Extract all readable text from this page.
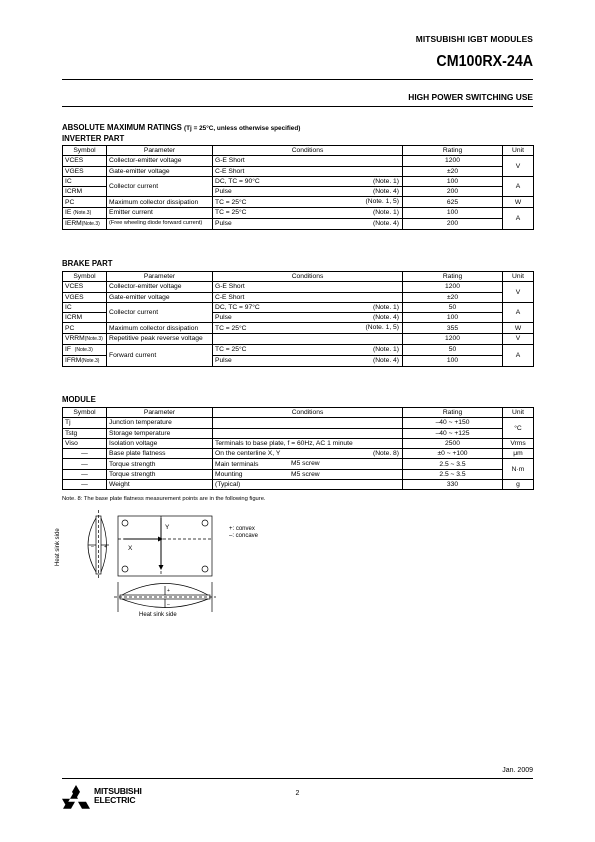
MITSUBISHI IGBT MODULES
CM100RX-24A
HIGH POWER SWITCHING USE
ABSOLUTE MAXIMUM RATINGS (Tj = 25°C, unless otherwise specified)
INVERTER PART
Symbol	Parameter	Conditions	Rating	Unit
VCES	Collector-emitter voltage	G-E Short	1200	V
VGES	Gate-emitter voltage	C-E Short	±20	
IC	Collector current	DC, TC = 90°C (Note. 1)	100	A
ICRM		Pulse (Note. 4)	200	
PC	Maximum collector dissipation	TC = 25°C (Note. 1, 5)	625	W
IE (Note.3)	Emitter current	TC = 25°C (Note. 1)	100	A
IERM(Note.3)	(Free wheeling diode forward current)	Pulse (Note. 4)	200	
BRAKE PART
Symbol	Parameter	Conditions	Rating	Unit
VCES	Collector-emitter voltage	G-E Short	1200	V
VGES	Gate-emitter voltage	C-E Short	±20	
IC	Collector current	DC, TC = 97°C (Note. 1)	50	A
ICRM		Pulse (Note. 4)	100	
PC	Maximum collector dissipation	TC = 25°C (Note. 1, 5)	355	W
VRRM(Note.3)	Repetitive peak reverse voltage		1200	V
IF (Note.3)	Forward current	TC = 25°C (Note. 1)	50	A
IFRM(Note.3)		Pulse (Note. 4)	100	
MODULE
Symbol	Parameter	Conditions	Rating	Unit
Tj	Junction temperature		–40 ~ +150	°C
Tstg	Storage temperature		–40 ~ +125	
Viso	Isolation voltage	Terminals to base plate, f = 60Hz, AC 1 minute	2500	Vrms
—	Base plate flatness	On the centerline X, Y (Note. 8)	±0 ~ +100	μm
—	Torque strength	Main terminals M5 screw	2.5 ~ 3.5	N·m
—	Torque strength	Mounting M5 screw	2.5 ~ 3.5	
—	Weight	(Typical)	330	g
Note. 8: The base plate flatness measurement points are in the following figure.
X
Y
– +
+
–
Heat sink side
Heat sink side
+: convex
–: concave
Jan. 2009
2
MITSUBISHI
ELECTRIC
